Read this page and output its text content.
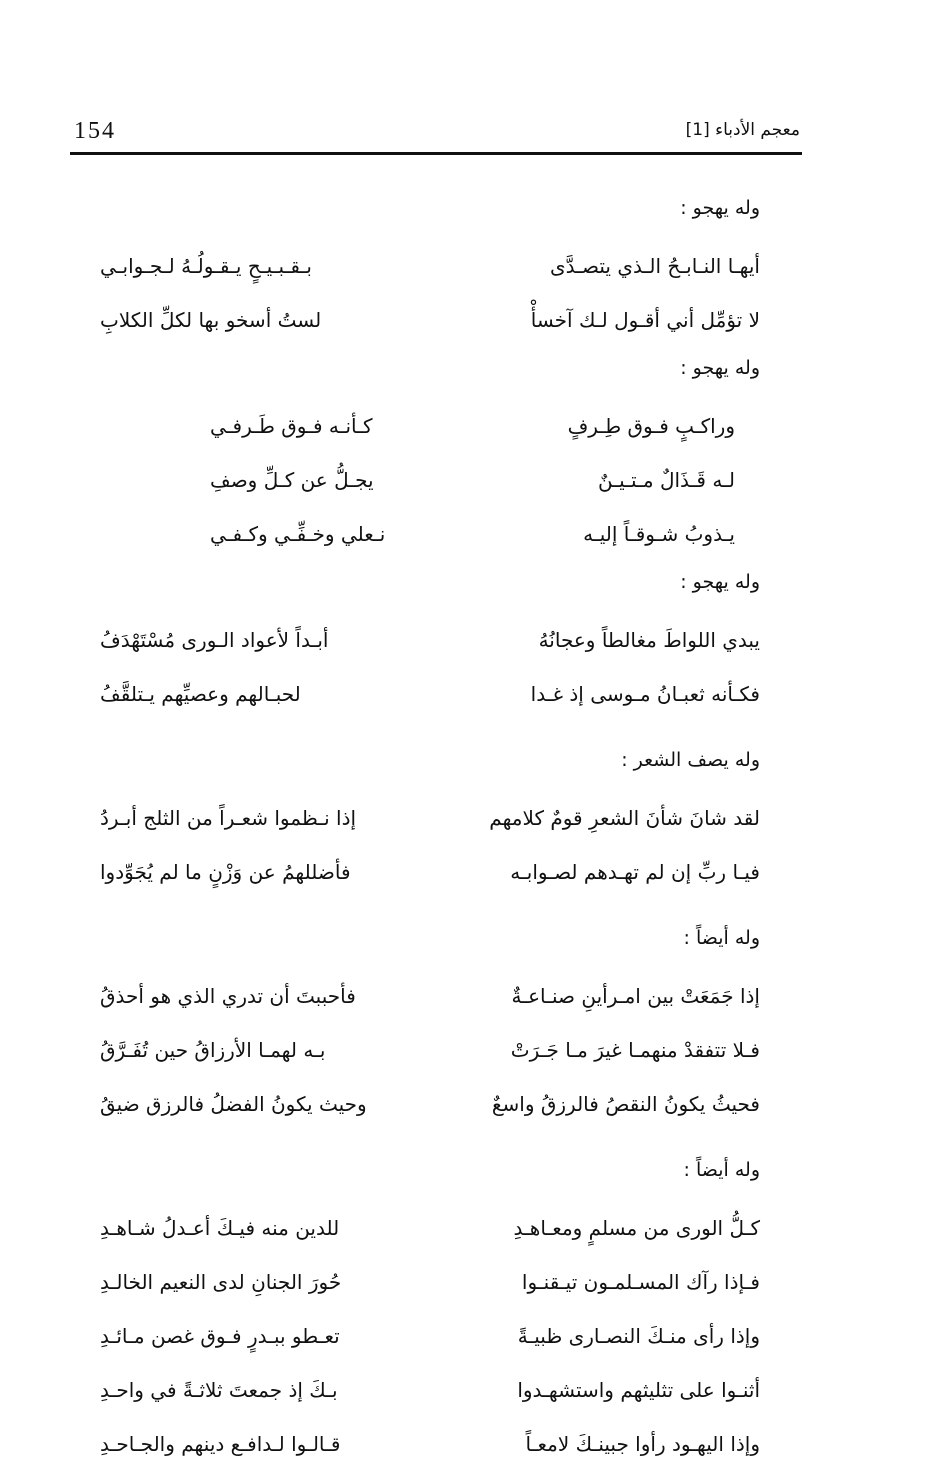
154	معجم الأدباء [1]
وله يهجو :
أيهـا النـابـحُ الـذي يتصـدَّى
بـقـبـيـحٍ يـقـولُـهُ لـجـوابـي
لا تؤمِّل أني أقـول لـك آخسأْ
لستُ أسخو بها لكلِّ الكلابِ
وله يهجو :
وراكـبٍ فـوق طِـرفٍ
كـأنـه فـوق طَـرفـي
لـه قَـذَالٌ مـتـيـنٌ
يجـلُّ عن كـلِّ وصفِ
يـذوبُ شـوقـاً إليـه
نـعلي وخـفِّـي وكـفـي
وله يهجو :
يبدي اللواطَ مغالطاً وعجانُهُ
أبـداً لأعواد الـورى مُسْتَهْدَفُ
فكـأنه ثعبـانُ مـوسى إذ غـدا
لحبـالهم وعصيِّهم يـتلقَّفُ
وله يصف الشعر :
لقد شانَ شأنَ الشعرِ قومٌ كلامهم
إذا نـظموا شعـراً من الثلج أبـردُ
فيـا ربِّ إن لم تهـدهم لصـوابـه
فأضللهمُ عن وَزْنٍ ما لم يُجَوِّدوا
وله أيضاً :
إذا جَمَعَتْ بين امـرأينِ صنـاعـةٌ
فأحببتَ أن تدري الذي هو أحذقُ
فـلا تتفقدْ منهمـا غيرَ مـا جَـرَتْ
بـه لهمـا الأرزاقُ حين تُفَـرَّقُ
فحيثُ يكونُ النقصُ فالرزقُ واسعٌ
وحيث يكونُ الفضلُ فالرزق ضيقُ
وله أيضاً :
كـلُّ الورى من مسلمٍ ومعـاهـدِ
للدين منه فيـكَ أعـدلُ شـاهـدِ
فـإذا رآك المسـلمـون تيـقنـوا
حُورَ الجنانِ لدى النعيم الخالـدِ
وإذا رأى منـكَ النصـارى ظبيـةً
تعـطو ببـدرٍ فـوق غصن مـائـدِ
أثنـوا على تثليثهم واستشهـدوا
بـكَ إذ جمعتَ ثلاثـةً في واحـدِ
وإذا اليهـود رأوا جبينـكَ لامعـاً
قـالـوا لـدافـع دينهم والجـاحـدِ
